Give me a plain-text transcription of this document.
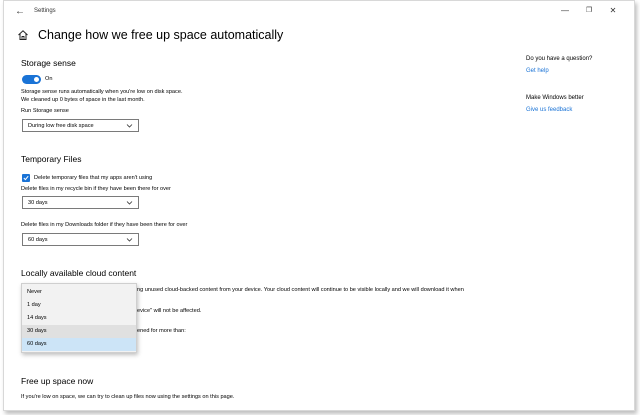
← Settings	—	❐	✕
Change how we free up space automatically
Storage sense
On
Storage sense runs automatically when you're low on disk space.
We cleaned up 0 bytes of space in the last month.
Run Storage sense
During low free disk space
Temporary Files
Delete temporary files that my apps aren't using
Delete files in my recycle bin if they have been there for over
30 days
Delete files in my Downloads folder if they have been there for over
60 days
Locally available cloud content
ng unused cloud-backed content from your device. Your cloud content will continue to be visible locally and we will download it when
evice" will not be affected.
ened for more than:
Never
1 day
14 days
30 days
60 days
Free up space now
If you're low on space, we can try to clean up files now using the settings on this page.
Do you have a question?
Get help
Make Windows better
Give us feedback
